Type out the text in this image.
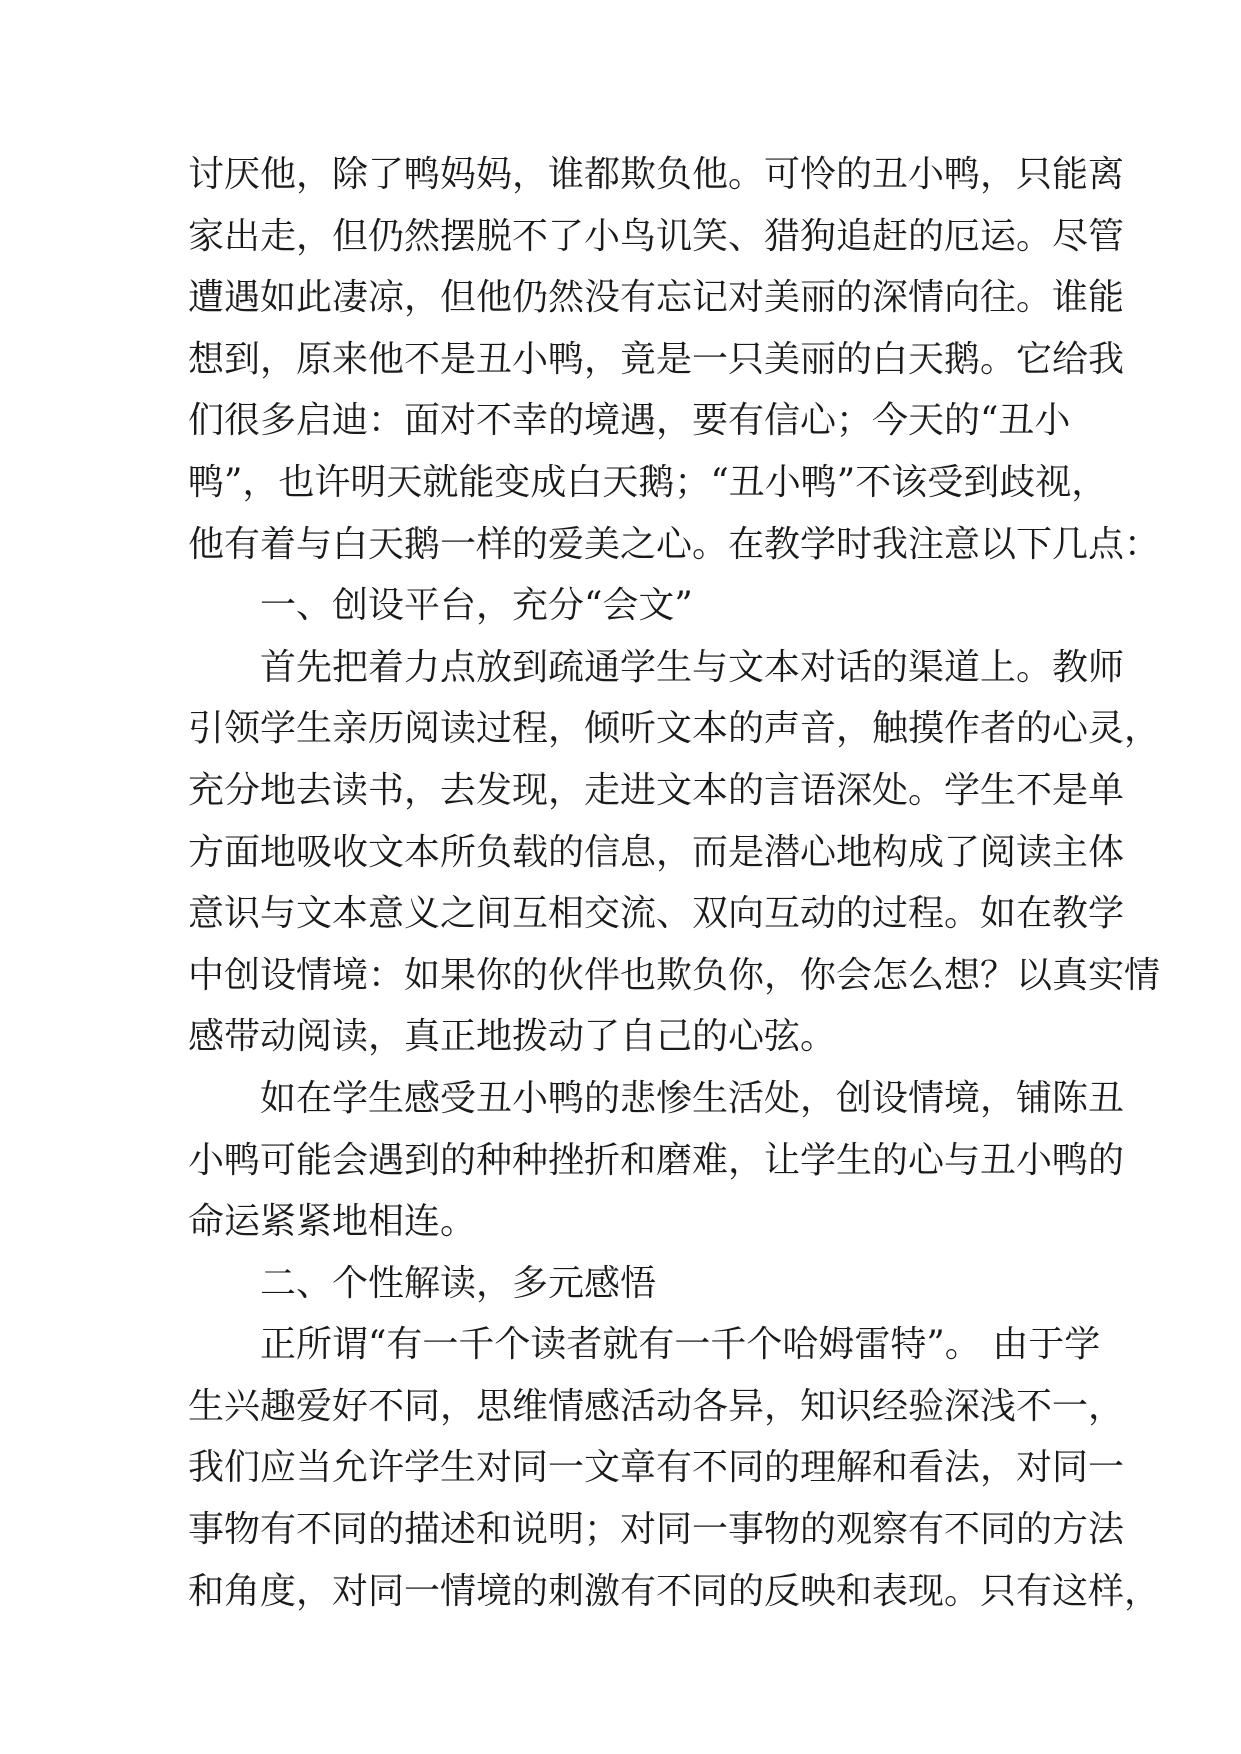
讨厌他，除了鸭妈妈，谁都欺负他。可怜的丑小鸭，只能离
家出走，但仍然摆脱不了小鸟讥笑、猎狗追赶的厄运。尽管
遭遇如此凄凉，但他仍然没有忘记对美丽的深情向往。谁能
想到，原来他不是丑小鸭，竟是一只美丽的白天鹅。它给我
们很多启迪：面对不幸的境遇，要有信心；今天的“丑小
鸭”，也许明天就能变成白天鹅；“丑小鸭”不该受到歧视，
他有着与白天鹅一样的爱美之心。在教学时我注意以下几点：
一、创设平台，充分“会文”
首先把着力点放到疏通学生与文本对话的渠道上。教师
引领学生亲历阅读过程，倾听文本的声音，触摸作者的心灵，
充分地去读书，去发现，走进文本的言语深处。学生不是单
方面地吸收文本所负载的信息，而是潜心地构成了阅读主体
意识与文本意义之间互相交流、双向互动的过程。如在教学
中创设情境：如果你的伙伴也欺负你，你会怎么想？以真实情
感带动阅读，真正地拨动了自己的心弦。
如在学生感受丑小鸭的悲惨生活处，创设情境，铺陈丑
小鸭可能会遇到的种种挫折和磨难，让学生的心与丑小鸭的
命运紧紧地相连。
二、个性解读，多元感悟
正所谓“有一千个读者就有一千个哈姆雷特”。 由于学
生兴趣爱好不同，思维情感活动各异，知识经验深浅不一，
我们应当允许学生对同一文章有不同的理解和看法，对同一
事物有不同的描述和说明；对同一事物的观察有不同的方法
和角度，对同一情境的刺激有不同的反映和表现。只有这样，
